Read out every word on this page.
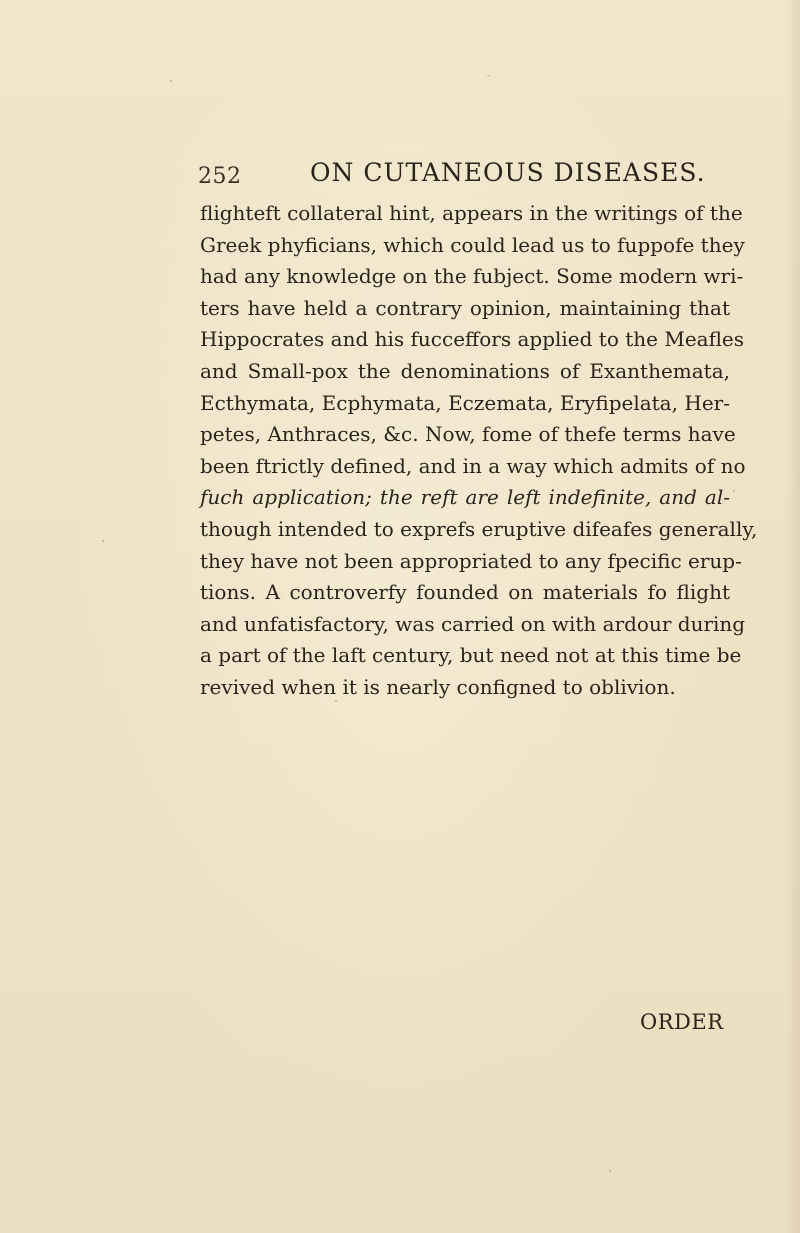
252	ON CUTANEOUS DISEASES.
flighteft collateral hint, appears in the writings of the
Greek phyficians, which could lead us to fuppofe they
had any knowledge on the fubject. Some modern wri-
ters have held a contrary opinion, maintaining that
Hippocrates and his fucceffors applied to the Meafles
and Small-pox the denominations of Exanthemata,
Ecthymata, Ecphymata, Eczemata, Eryfipelata, Her-
petes, Anthraces, &c. Now, fome of thefe terms have
been ftrictly defined, and in a way which admits of no
fuch application; the reft are left indefinite, and al-
though intended to exprefs eruptive difeafes generally,
they have not been appropriated to any fpecific erup-
tions. A controverfy founded on materials fo flight
and unfatisfactory, was carried on with ardour during
a part of the laft century, but need not at this time be
revived when it is nearly configned to oblivion.
ORDER
